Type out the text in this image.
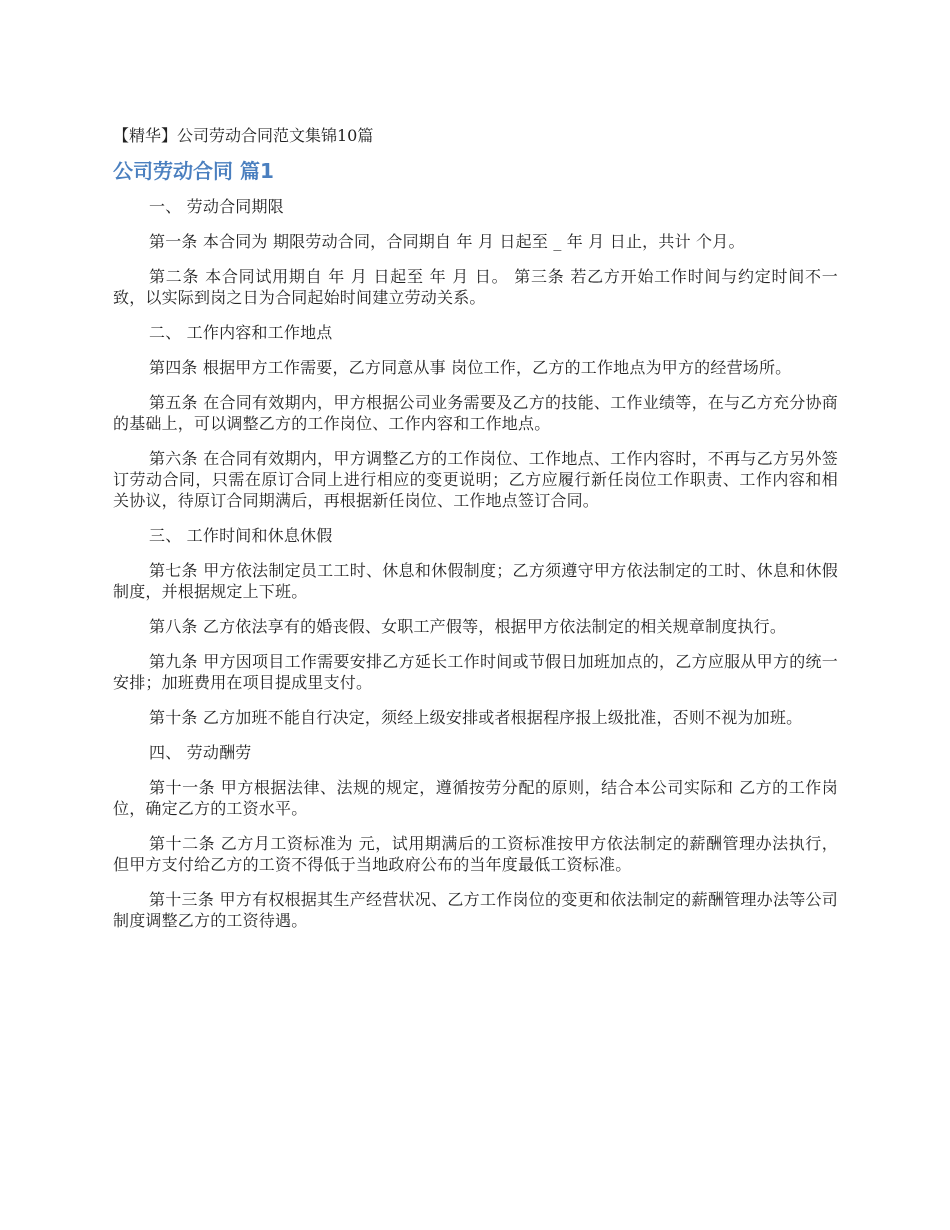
【精华】公司劳动合同范文集锦10篇

公司劳动合同 篇1

一、 劳动合同期限

第一条 本合同为 期限劳动合同，合同期自 年 月 日起至 _ 年 月 日止，共计 个月。

第二条 本合同试用期自 年 月 日起至 年 月 日。 第三条 若乙方开始工作时间与约定时间不一致，以实际到岗之日为合同起始时间建立劳动关系。

二、 工作内容和工作地点

第四条 根据甲方工作需要，乙方同意从事 岗位工作，乙方的工作地点为甲方的经营场所。

第五条 在合同有效期内，甲方根据公司业务需要及乙方的技能、工作业绩等，在与乙方充分协商的基础上，可以调整乙方的工作岗位、工作内容和工作地点。

第六条 在合同有效期内，甲方调整乙方的工作岗位、工作地点、工作内容时，不再与乙方另外签订劳动合同，只需在原订合同上进行相应的变更说明；乙方应履行新任岗位工作职责、工作内容和相关协议，待原订合同期满后，再根据新任岗位、工作地点签订合同。

三、 工作时间和休息休假

第七条 甲方依法制定员工工时、休息和休假制度；乙方须遵守甲方依法制定的工时、休息和休假制度，并根据规定上下班。

第八条 乙方依法享有的婚丧假、女职工产假等，根据甲方依法制定的相关规章制度执行。

第九条 甲方因项目工作需要安排乙方延长工作时间或节假日加班加点的，乙方应服从甲方的统一安排；加班费用在项目提成里支付。

第十条 乙方加班不能自行决定，须经上级安排或者根据程序报上级批准，否则不视为加班。

四、 劳动酬劳

第十一条 甲方根据法律、法规的规定，遵循按劳分配的原则，结合本公司实际和 乙方的工作岗位，确定乙方的工资水平。

第十二条 乙方月工资标准为 元，试用期满后的工资标准按甲方依法制定的薪酬管理办法执行，但甲方支付给乙方的工资不得低于当地政府公布的当年度最低工资标准。

第十三条 甲方有权根据其生产经营状况、乙方工作岗位的变更和依法制定的薪酬管理办法等公司制度调整乙方的工资待遇。
